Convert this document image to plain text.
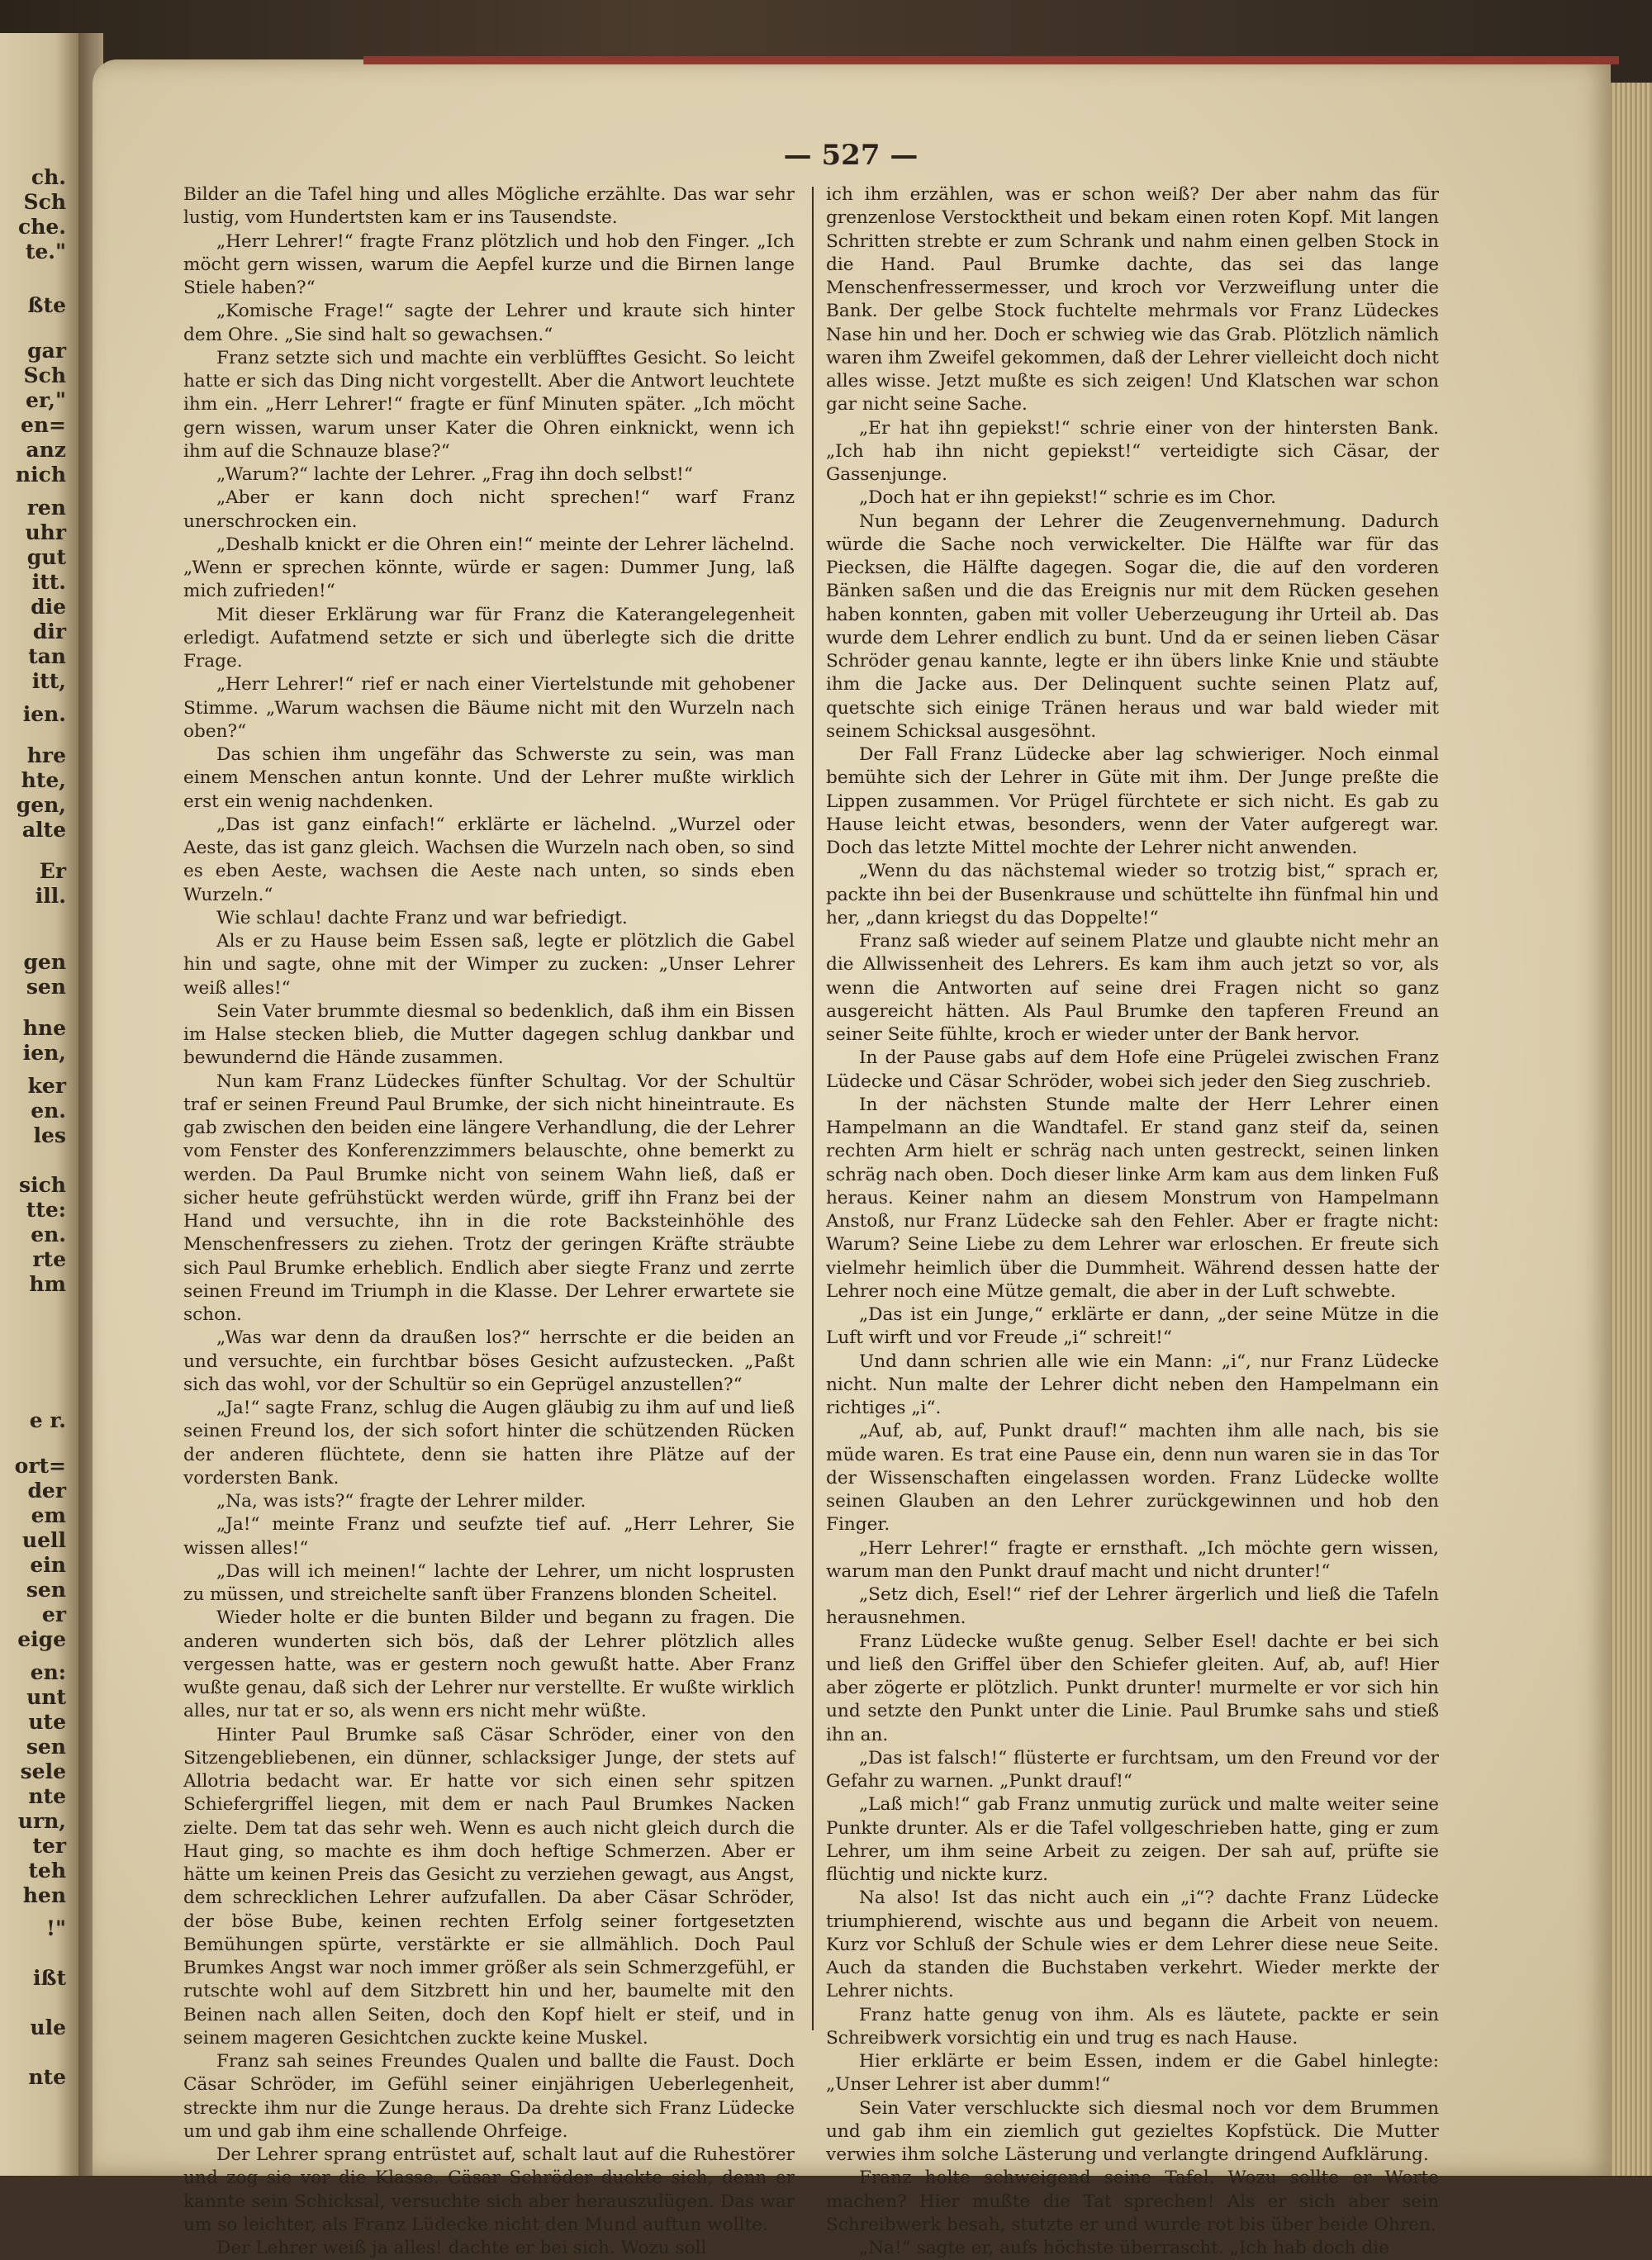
ch.
Sch
che.
te."
ßte
gar
Sch
er,"
en=
anz
nich
ren
uhr
gut
itt.
die
dir
tan
itt,
ien.
hre
hte,
gen,
alte
Er
ill.
gen
sen
hne
ien,
ker
en.
les
sich
tte:
en.
rte
hm
e r.
ort=
der
em
uell
ein
sen
er
eige
en:
unt
ute
sen
sele
nte
urn,
ter
teh
hen
!"
ißt
ule
nte
— 527 —

Bilder an die Tafel hing und alles Mögliche erzählte. Das war sehr lustig, vom Hundertsten kam er ins Tausendste.

„Herr Lehrer!“ fragte Franz plötzlich und hob den Finger. „Ich möcht gern wissen, warum die Aepfel kurze und die Birnen lange Stiele haben?“

„Komische Frage!“ sagte der Lehrer und kraute sich hinter dem Ohre. „Sie sind halt so gewachsen.“

Franz setzte sich und machte ein verblüfftes Gesicht. So leicht hatte er sich das Ding nicht vorgestellt. Aber die Antwort leuchtete ihm ein. „Herr Lehrer!“ fragte er fünf Minuten später. „Ich möcht gern wissen, warum unser Kater die Ohren einknickt, wenn ich ihm auf die Schnauze blase?“

„Warum?“ lachte der Lehrer. „Frag ihn doch selbst!“

„Aber er kann doch nicht sprechen!“ warf Franz unerschrocken ein.

„Deshalb knickt er die Ohren ein!“ meinte der Lehrer lächelnd. „Wenn er sprechen könnte, würde er sagen: Dummer Jung, laß mich zufrieden!“

Mit dieser Erklärung war für Franz die Katerangelegenheit erledigt. Aufatmend setzte er sich und überlegte sich die dritte Frage.

„Herr Lehrer!“ rief er nach einer Viertelstunde mit gehobener Stimme. „Warum wachsen die Bäume nicht mit den Wurzeln nach oben?“

Das schien ihm ungefähr das Schwerste zu sein, was man einem Menschen antun konnte. Und der Lehrer mußte wirklich erst ein wenig nachdenken.

„Das ist ganz einfach!“ erklärte er lächelnd. „Wurzel oder Aeste, das ist ganz gleich. Wachsen die Wurzeln nach oben, so sind es eben Aeste, wachsen die Aeste nach unten, so sinds eben Wurzeln.“

Wie schlau! dachte Franz und war befriedigt.

Als er zu Hause beim Essen saß, legte er plötzlich die Gabel hin und sagte, ohne mit der Wimper zu zucken: „Unser Lehrer weiß alles!“

Sein Vater brummte diesmal so bedenklich, daß ihm ein Bissen im Halse stecken blieb, die Mutter dagegen schlug dankbar und bewundernd die Hände zusammen.

Nun kam Franz Lüdeckes fünfter Schultag. Vor der Schultür traf er seinen Freund Paul Brumke, der sich nicht hineintraute. Es gab zwischen den beiden eine längere Verhandlung, die der Lehrer vom Fenster des Konferenzzimmers belauschte, ohne bemerkt zu werden. Da Paul Brumke nicht von seinem Wahn ließ, daß er sicher heute gefrühstückt werden würde, griff ihn Franz bei der Hand und versuchte, ihn in die rote Backsteinhöhle des Menschenfressers zu ziehen. Trotz der geringen Kräfte sträubte sich Paul Brumke erheblich. Endlich aber siegte Franz und zerrte seinen Freund im Triumph in die Klasse. Der Lehrer erwartete sie schon.

„Was war denn da draußen los?“ herrschte er die beiden an und versuchte, ein furchtbar böses Gesicht aufzustecken. „Paßt sich das wohl, vor der Schultür so ein Geprügel anzustellen?“

„Ja!“ sagte Franz, schlug die Augen gläubig zu ihm auf und ließ seinen Freund los, der sich sofort hinter die schützenden Rücken der anderen flüchtete, denn sie hatten ihre Plätze auf der vordersten Bank.

„Na, was ists?“ fragte der Lehrer milder.

„Ja!“ meinte Franz und seufzte tief auf. „Herr Lehrer, Sie wissen alles!“

„Das will ich meinen!“ lachte der Lehrer, um nicht losprusten zu müssen, und streichelte sanft über Franzens blonden Scheitel.

Wieder holte er die bunten Bilder und begann zu fragen. Die anderen wunderten sich bös, daß der Lehrer plötzlich alles vergessen hatte, was er gestern noch gewußt hatte. Aber Franz wußte genau, daß sich der Lehrer nur verstellte. Er wußte wirklich alles, nur tat er so, als wenn ers nicht mehr wüßte.

Hinter Paul Brumke saß Cäsar Schröder, einer von den Sitzengebliebenen, ein dünner, schlacksiger Junge, der stets auf Allotria bedacht war. Er hatte vor sich einen sehr spitzen Schiefergriffel liegen, mit dem er nach Paul Brumkes Nacken zielte. Dem tat das sehr weh. Wenn es auch nicht gleich durch die Haut ging, so machte es ihm doch heftige Schmerzen. Aber er hätte um keinen Preis das Gesicht zu verziehen gewagt, aus Angst, dem schrecklichen Lehrer aufzufallen. Da aber Cäsar Schröder, der böse Bube, keinen rechten Erfolg seiner fortgesetzten Bemühungen spürte, verstärkte er sie allmählich. Doch Paul Brumkes Angst war noch immer größer als sein Schmerzgefühl, er rutschte wohl auf dem Sitzbrett hin und her, baumelte mit den Beinen nach allen Seiten, doch den Kopf hielt er steif, und in seinem mageren Gesichtchen zuckte keine Muskel.

Franz sah seines Freundes Qualen und ballte die Faust. Doch Cäsar Schröder, im Gefühl seiner einjährigen Ueberlegenheit, streckte ihm nur die Zunge heraus. Da drehte sich Franz Lüdecke um und gab ihm eine schallende Ohrfeige.

Der Lehrer sprang entrüstet auf, schalt laut auf die Ruhestörer und zog sie vor die Klasse. Cäsar Schröder duckte sich, denn er kannte sein Schicksal, versuchte sich aber herauszulügen. Das war um so leichter, als Franz Lüdecke nicht den Mund auftun wollte.

Der Lehrer weiß ja alles! dachte er bei sich. Wozu soll

ich ihm erzählen, was er schon weiß? Der aber nahm das für grenzenlose Verstocktheit und bekam einen roten Kopf. Mit langen Schritten strebte er zum Schrank und nahm einen gelben Stock in die Hand. Paul Brumke dachte, das sei das lange Menschenfressermesser, und kroch vor Verzweiflung unter die Bank. Der gelbe Stock fuchtelte mehrmals vor Franz Lüdeckes Nase hin und her. Doch er schwieg wie das Grab. Plötzlich nämlich waren ihm Zweifel gekommen, daß der Lehrer vielleicht doch nicht alles wisse. Jetzt mußte es sich zeigen! Und Klatschen war schon gar nicht seine Sache.

„Er hat ihn gepiekst!“ schrie einer von der hintersten Bank. „Ich hab ihn nicht gepiekst!“ verteidigte sich Cäsar, der Gassenjunge.

„Doch hat er ihn gepiekst!“ schrie es im Chor.

Nun begann der Lehrer die Zeugenvernehmung. Dadurch würde die Sache noch verwickelter. Die Hälfte war für das Piecksen, die Hälfte dagegen. Sogar die, die auf den vorderen Bänken saßen und die das Ereignis nur mit dem Rücken gesehen haben konnten, gaben mit voller Ueberzeugung ihr Urteil ab. Das wurde dem Lehrer endlich zu bunt. Und da er seinen lieben Cäsar Schröder genau kannte, legte er ihn übers linke Knie und stäubte ihm die Jacke aus. Der Delinquent suchte seinen Platz auf, quetschte sich einige Tränen heraus und war bald wieder mit seinem Schicksal ausgesöhnt.

Der Fall Franz Lüdecke aber lag schwieriger. Noch einmal bemühte sich der Lehrer in Güte mit ihm. Der Junge preßte die Lippen zusammen. Vor Prügel fürchtete er sich nicht. Es gab zu Hause leicht etwas, besonders, wenn der Vater aufgeregt war. Doch das letzte Mittel mochte der Lehrer nicht anwenden.

„Wenn du das nächstemal wieder so trotzig bist,“ sprach er, packte ihn bei der Busenkrause und schüttelte ihn fünfmal hin und her, „dann kriegst du das Doppelte!“

Franz saß wieder auf seinem Platze und glaubte nicht mehr an die Allwissenheit des Lehrers. Es kam ihm auch jetzt so vor, als wenn die Antworten auf seine drei Fragen nicht so ganz ausgereicht hätten. Als Paul Brumke den tapferen Freund an seiner Seite fühlte, kroch er wieder unter der Bank hervor.

In der Pause gabs auf dem Hofe eine Prügelei zwischen Franz Lüdecke und Cäsar Schröder, wobei sich jeder den Sieg zuschrieb.

In der nächsten Stunde malte der Herr Lehrer einen Hampelmann an die Wandtafel. Er stand ganz steif da, seinen rechten Arm hielt er schräg nach unten gestreckt, seinen linken schräg nach oben. Doch dieser linke Arm kam aus dem linken Fuß heraus. Keiner nahm an diesem Monstrum von Hampelmann Anstoß, nur Franz Lüdecke sah den Fehler. Aber er fragte nicht: Warum? Seine Liebe zu dem Lehrer war erloschen. Er freute sich vielmehr heimlich über die Dummheit. Während dessen hatte der Lehrer noch eine Mütze gemalt, die aber in der Luft schwebte.

„Das ist ein Junge,“ erklärte er dann, „der seine Mütze in die Luft wirft und vor Freude „i“ schreit!“

Und dann schrien alle wie ein Mann: „i“, nur Franz Lüdecke nicht. Nun malte der Lehrer dicht neben den Hampelmann ein richtiges „i“.

„Auf, ab, auf, Punkt drauf!“ machten ihm alle nach, bis sie müde waren. Es trat eine Pause ein, denn nun waren sie in das Tor der Wissenschaften eingelassen worden. Franz Lüdecke wollte seinen Glauben an den Lehrer zurückgewinnen und hob den Finger.

„Herr Lehrer!“ fragte er ernsthaft. „Ich möchte gern wissen, warum man den Punkt drauf macht und nicht drunter!“

„Setz dich, Esel!“ rief der Lehrer ärgerlich und ließ die Tafeln herausnehmen.

Franz Lüdecke wußte genug. Selber Esel! dachte er bei sich und ließ den Griffel über den Schiefer gleiten. Auf, ab, auf! Hier aber zögerte er plötzlich. Punkt drunter! murmelte er vor sich hin und setzte den Punkt unter die Linie. Paul Brumke sahs und stieß ihn an.

„Das ist falsch!“ flüsterte er furchtsam, um den Freund vor der Gefahr zu warnen. „Punkt drauf!“

„Laß mich!“ gab Franz unmutig zurück und malte weiter seine Punkte drunter. Als er die Tafel vollgeschrieben hatte, ging er zum Lehrer, um ihm seine Arbeit zu zeigen. Der sah auf, prüfte sie flüchtig und nickte kurz.

Na also! Ist das nicht auch ein „i“? dachte Franz Lüdecke triumphierend, wischte aus und begann die Arbeit von neuem. Kurz vor Schluß der Schule wies er dem Lehrer diese neue Seite. Auch da standen die Buchstaben verkehrt. Wieder merkte der Lehrer nichts.

Franz hatte genug von ihm. Als es läutete, packte er sein Schreibwerk vorsichtig ein und trug es nach Hause.

Hier erklärte er beim Essen, indem er die Gabel hinlegte: „Unser Lehrer ist aber dumm!“

Sein Vater verschluckte sich diesmal noch vor dem Brummen und gab ihm ein ziemlich gut gezieltes Kopfstück. Die Mutter verwies ihm solche Lästerung und verlangte dringend Aufklärung.

Franz holte schweigend seine Tafel. Wozu sollte er Worte machen? Hier mußte die Tat sprechen! Als er sich aber sein Schreibwerk besah, stutzte er und wurde rot bis über beide Ohren.

„Na!“ sagte er, aufs höchste überrascht. „Ich hab doch die
